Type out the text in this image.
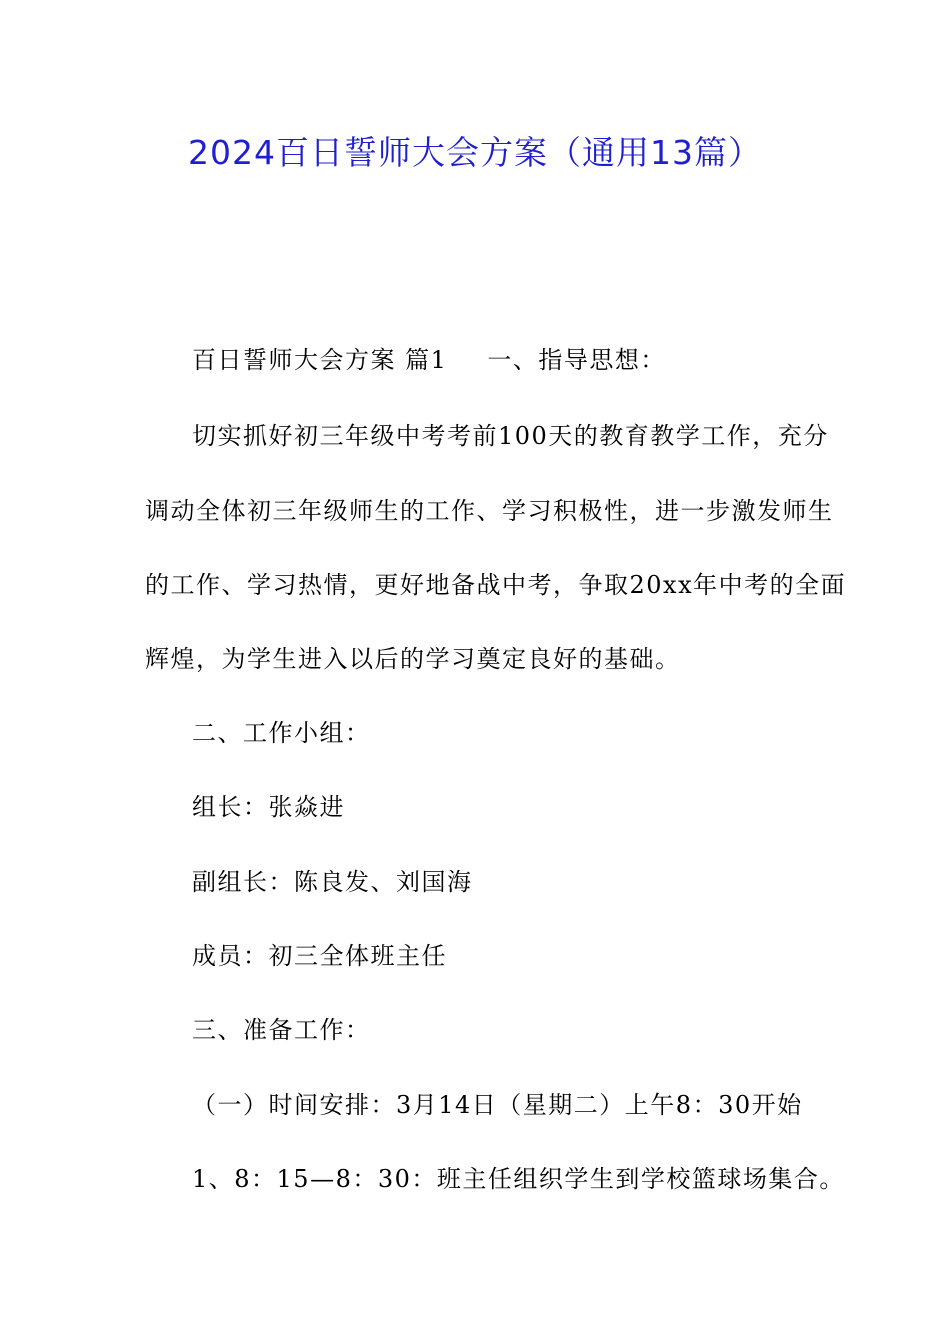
2024百日誓师大会方案（通用13篇）
百日誓师大会方案 篇1 一、指导思想：
切实抓好初三年级中考考前100天的教育教学工作，充分
调动全体初三年级师生的工作、学习积极性，进一步激发师生
的工作、学习热情，更好地备战中考，争取20xx年中考的全面
辉煌，为学生进入以后的学习奠定良好的基础。
二、工作小组：
组长：张焱进
副组长：陈良发、刘国海
成员：初三全体班主任
三、准备工作：
（一）时间安排：3月14日（星期二）上午8：30开始
1、8：15—8：30：班主任组织学生到学校篮球场集合。
